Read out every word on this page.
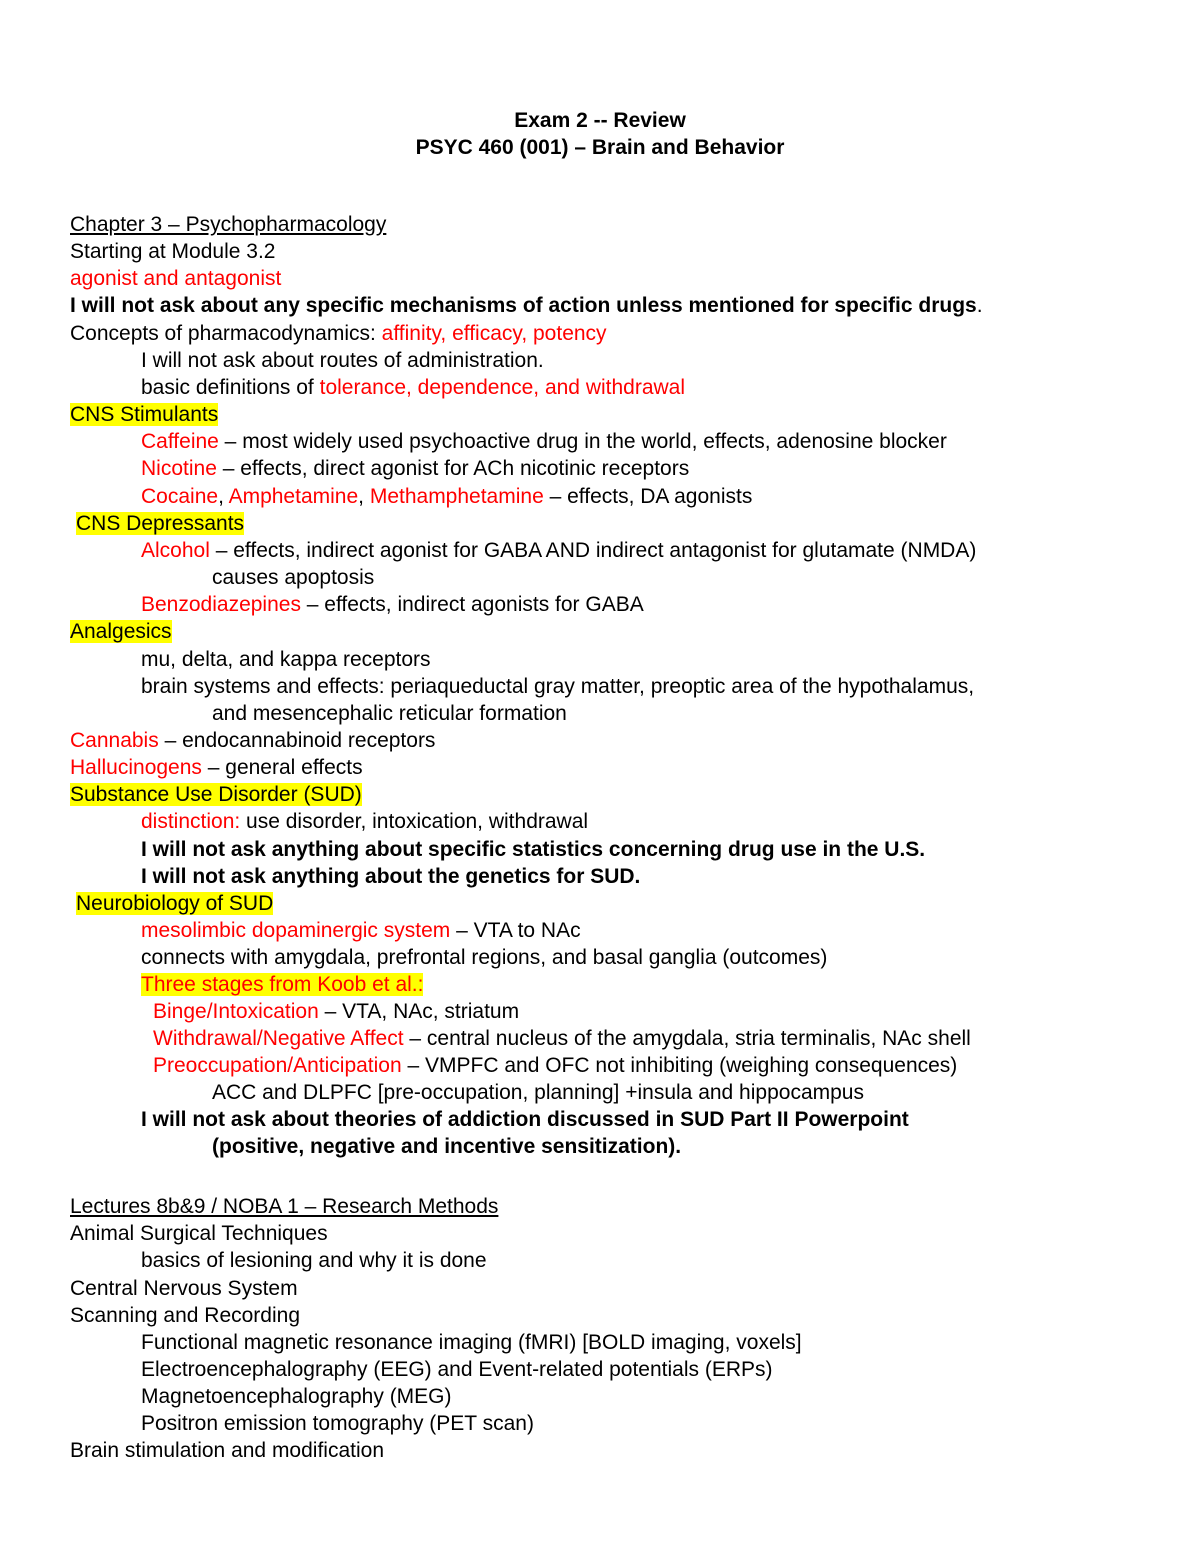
Exam 2 -- Review
PSYC 460 (001) – Brain and Behavior
Chapter 3 – Psychopharmacology
Starting at Module 3.2
agonist and antagonist
I will not ask about any specific mechanisms of action unless mentioned for specific drugs.
Concepts of pharmacodynamics: affinity, efficacy, potency
I will not ask about routes of administration.
basic definitions of tolerance, dependence, and withdrawal
CNS Stimulants
Caffeine – most widely used psychoactive drug in the world, effects, adenosine blocker
Nicotine – effects, direct agonist for ACh nicotinic receptors
Cocaine, Amphetamine, Methamphetamine – effects, DA agonists
CNS Depressants
Alcohol – effects, indirect agonist for GABA AND indirect antagonist for glutamate (NMDA)
causes apoptosis
Benzodiazepines – effects, indirect agonists for GABA
Analgesics
mu, delta, and kappa receptors
brain systems and effects: periaqueductal gray matter, preoptic area of the hypothalamus,
and mesencephalic reticular formation
Cannabis – endocannabinoid receptors
Hallucinogens – general effects
Substance Use Disorder (SUD)
distinction: use disorder, intoxication, withdrawal
I will not ask anything about specific statistics concerning drug use in the U.S.
I will not ask anything about the genetics for SUD.
Neurobiology of SUD
mesolimbic dopaminergic system – VTA to NAc
connects with amygdala, prefrontal regions, and basal ganglia (outcomes)
Three stages from Koob et al.:
Binge/Intoxication – VTA, NAc, striatum
Withdrawal/Negative Affect – central nucleus of the amygdala, stria terminalis, NAc shell
Preoccupation/Anticipation – VMPFC and OFC not inhibiting (weighing consequences)
ACC and DLPFC [pre-occupation, planning] +insula and hippocampus
I will not ask about theories of addiction discussed in SUD Part II Powerpoint
(positive, negative and incentive sensitization).
Lectures 8b&9 / NOBA 1 – Research Methods
Animal Surgical Techniques
basics of lesioning and why it is done
Central Nervous System
Scanning and Recording
Functional magnetic resonance imaging (fMRI) [BOLD imaging, voxels]
Electroencephalography (EEG) and Event-related potentials (ERPs)
Magnetoencephalography (MEG)
Positron emission tomography (PET scan)
Brain stimulation and modification
